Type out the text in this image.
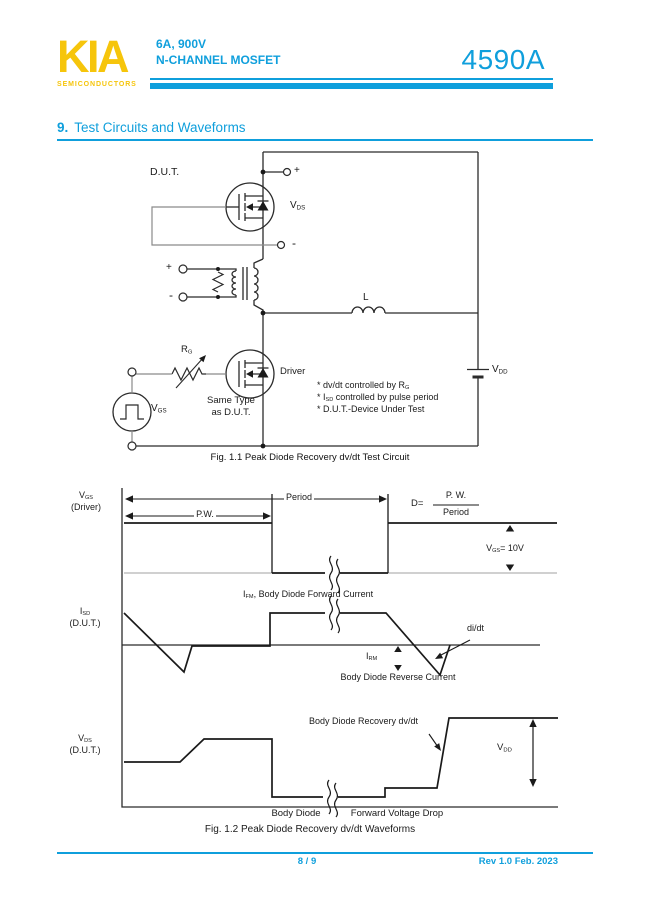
KIA
SEMICONDUCTORS
6A, 900V
N-CHANNEL MOSFET	4590A
9. Test Circuits and Waveforms
D.U.T.	+
$V_{DS}$
-
+
-	L
$R_G$
Driver
Same Type
as D.U.T.
$V_{GS}$
$V_{DD}$
* dv/dt controlled by $R_G$
* $I_{SD}$ controlled by pulse period
* D.U.T.-Device Under Test
Fig. 1.1 Peak Diode Recovery dv/dt Test Circuit
$V_{GS}$
(Driver)
Period
P.W.
D=
P. W.
Period
$V_{GS}= 10V$
$I_{SD}$
(D.U.T.)
$I_{FM}$, Body Diode Forward Current
di/dt
$I_{RM}$
Body Diode Reverse Current
$V_{DS}$
(D.U.T.)
Body Diode Recovery dv/dt
$V_{DD}$
Body Diode	Forward Voltage Drop
Fig. 1.2 Peak Diode Recovery dv/dt Waveforms
8 / 9	Rev 1.0 Feb. 2023
